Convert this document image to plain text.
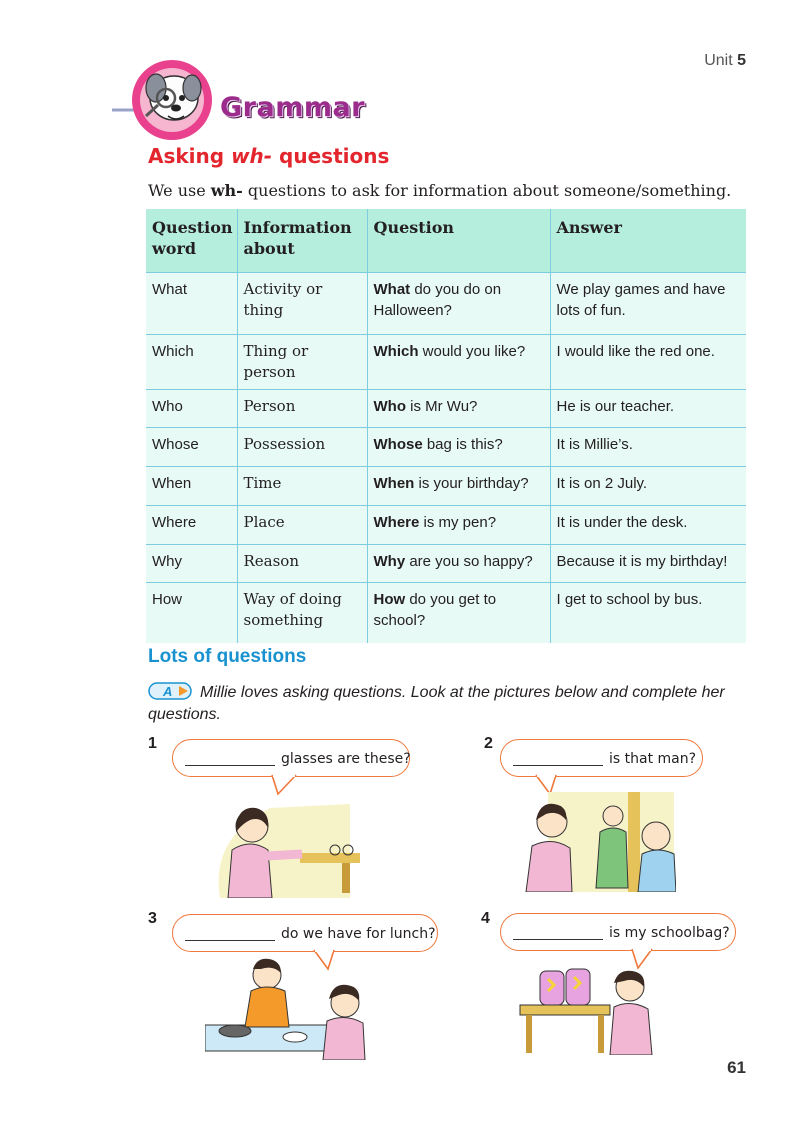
Unit 5
Grammar
Asking wh- questions
We use wh- questions to ask for information about someone/something.
Question word	Information about	Question	Answer
What	Activity or thing	What do you do on Halloween?	We play games and have lots of fun.
Which	Thing or person	Which would you like?	I would like the red one.
Who	Person	Who is Mr Wu?	He is our teacher.
Whose	Possession	Whose bag is this?	It is Millie’s.
When	Time	When is your birthday?	It is on 2 July.
Where	Place	Where is my pen?	It is under the desk.
Why	Reason	Why are you so happy?	Because it is my birthday!
How	Way of doing something	How do you get to school?	I get to school by bus.
Lots of questions
A Millie loves asking questions. Look at the pictures below and complete her questions.
1
glasses are these?
2
is that man?
3
do we have for lunch?
4
is my schoolbag?
61
